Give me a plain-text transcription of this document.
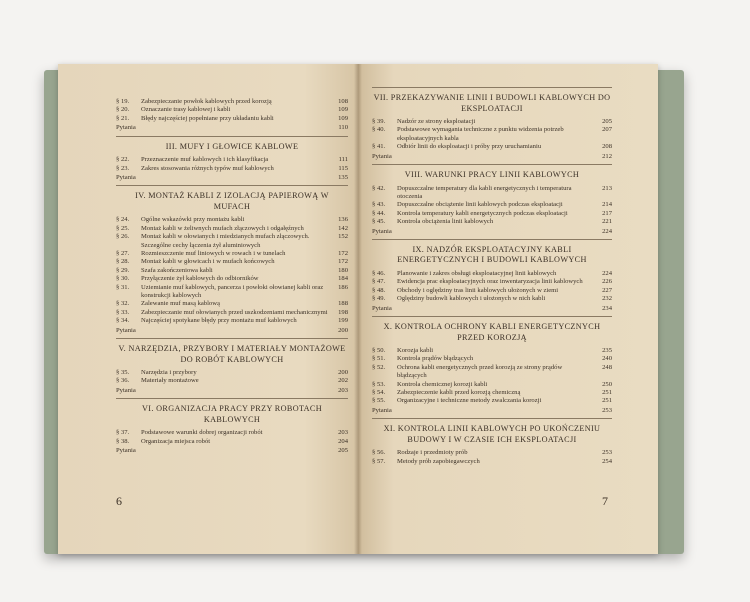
§ 19.	Zabezpieczanie powłok kablowych przed korozją	108
§ 20.	Oznaczanie trasy kablowej i kabli	109
§ 21.	Błędy najczęściej popełniane przy układaniu kabli	109
Pytania	110
III. MUFY I GŁOWICE KABLOWE
§ 22.	Przeznaczenie muf kablowych i ich klasyfikacja	111
§ 23.	Zakres stosowania różnych typów muf kablowych	115
Pytania	135
IV. MONTAŻ KABLI Z IZOLACJĄ PAPIEROWĄ W MUFACH
§ 24.	Ogólne wskazówki przy montażu kabli	136
§ 25.	Montaż kabli w żeliwnych mufach złączowych i odgałęźnych	142
§ 26.	Montaż kabli w ołowianych i miedzianych mufach złączowych. Szczególne cechy łączenia żył aluminiowych
152
§ 27.	Rozmieszczenie muf liniowych w rowach i w tunelach	172
§ 28.	Montaż kabli w głowicach i w mufach końcowych	172
§ 29.	Szafa zakończeniowa kabli	180
§ 30.	Przyłączenie żył kablowych do odbiorników	184
§ 31.	Uziemianie muf kablowych, pancerza i powłoki ołowianej kabli oraz konstrukcji kablowych
186
§ 32.	Zalewanie muf masą kablową	188
§ 33.	Zabezpieczanie muf ołowianych przed uszkodzeniami mechanicznymi	198
§ 34.	Najczęściej spotykane błędy przy montażu muf kablowych	199
Pytania	200
V. NARZĘDZIA, PRZYBORY I MATERIAŁY MONTAŻOWE DO ROBÓT KABLOWYCH
§ 35.	Narzędzia i przybory	200
§ 36.	Materiały montażowe	202
Pytania	203
VI. ORGANIZACJA PRACY PRZY ROBOTACH KABLOWYCH
§ 37.	Podstawowe warunki dobrej organizacji robót	203
§ 38.	Organizacja miejsca robót	204
Pytania	205
6
VII. PRZEKAZYWANIE LINII I BUDOWLI KABLOWYCH DO EKSPLOATACJI
§ 39.	Nadzór ze strony eksploatacji	205
§ 40.	Podstawowe wymagania techniczne z punktu widzenia potrzeb eksploatacyjnych kabla
207
§ 41.	Odbiór linii do eksploatacji i próby przy uruchamianiu	208
Pytania	212
VIII. WARUNKI PRACY LINII KABLOWYCH
§ 42.	Dopuszczalne temperatury dla kabli energetycznych i temperatura otoczenia
213
§ 43.	Dopuszczalne obciążenie linii kablowych podczas eksploatacji	214
§ 44.	Kontrola temperatury kabli energetycznych podczas eksploatacji	217
§ 45.	Kontrola obciążenia linii kablowych	221
Pytania	224
IX. NADZÓR EKSPLOATACYJNY KABLI ENERGETYCZNYCH I BUDOWLI KABLOWYCH
§ 46.	Planowanie i zakres obsługi eksploatacyjnej linii kablowych	224
§ 47.	Ewidencja prac eksploatacyjnych oraz inwentaryzacja linii kablowych	226
§ 48.	Obchody i oględziny tras linii kablowych ułożonych w ziemi	227
§ 49.	Oględziny budowli kablowych i ułożonych w nich kabli	232
Pytania	234
X. KONTROLA OCHRONY KABLI ENERGETYCZNYCH PRZED KOROZJĄ
§ 50.	Korozja kabli	235
§ 51.	Kontrola prądów błądzących	240
§ 52.	Ochrona kabli energetycznych przed korozją ze strony prądów błądzących
248
§ 53.	Kontrola chemicznej korozji kabli	250
§ 54.	Zabezpieczenie kabli przed korozją chemiczną	251
§ 55.	Organizacyjne i techniczne metody zwalczania korozji	251
Pytania	253
XI. KONTROLA LINII KABLOWYCH PO UKOŃCZENIU BUDOWY I W CZASIE ICH EKSPLOATACJI
§ 56.	Rodzaje i przedmioty prób	253
§ 57.	Metody prób zapobiegawczych	254
7
